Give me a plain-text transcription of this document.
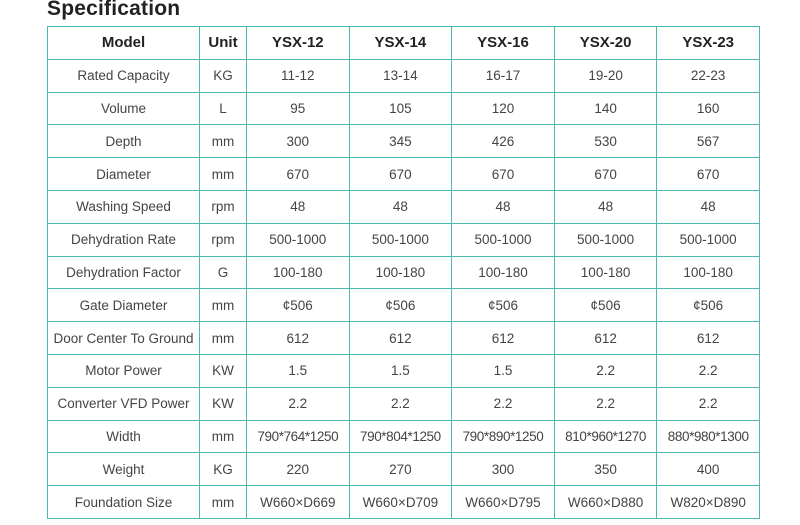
Specification
Model	Unit	YSX-12	YSX-14	YSX-16	YSX-20	YSX-23
Rated Capacity	KG	11-12	13-14	16-17	19-20	22-23
Volume	L	95	105	120	140	160
Depth	mm	300	345	426	530	567
Diameter	mm	670	670	670	670	670
Washing Speed	rpm	48	48	48	48	48
Dehydration Rate	rpm	500-1000	500-1000	500-1000	500-1000	500-1000
Dehydration Factor	G	100-180	100-180	100-180	100-180	100-180
Gate Diameter	mm	¢506	¢506	¢506	¢506	¢506
Door Center To Ground	mm	612	612	612	612	612
Motor Power	KW	1.5	1.5	1.5	2.2	2.2
Converter VFD Power	KW	2.2	2.2	2.2	2.2	2.2
Width	mm	790*764*1250	790*804*1250	790*890*1250	810*960*1270	880*980*1300
Weight	KG	220	270	300	350	400
Foundation Size	mm	W660×D669	W660×D709	W660×D795	W660×D880	W820×D890
